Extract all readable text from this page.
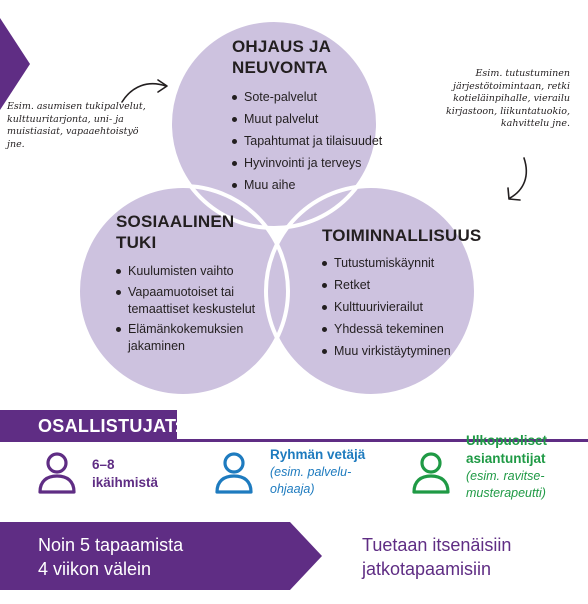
OHJAUS JA NEUVONTA
Sote-palvelut
Muut palvelut
Tapahtumat ja tilaisuudet
Hyvinvointi ja terveys
Muu aihe
SOSIAALINEN TUKI
Kuulumisten vaihto
Vapaamuotoiset tai temaattiset keskustelut
Elämänkokemuksien jakaminen
TOIMINNALLISUUS
Tutustumiskäynnit
Retket
Kulttuurivierailut
Yhdessä tekeminen
Muu virkistäytyminen
Esim. asumisen tukipalvelut, kulttuuritarjonta, uni- ja muistiasiat, vapaaehtoistyö jne.
Esim. tutustuminen järjestötoimintaan, retki kotieläinpihalle, vierailu kirjastoon, liikuntatuokio, kahvittelu jne.
OSALLISTUJAT:
6–8
ikäihmistä
Ryhmän vetäjä
(esim. palvelu-ohjaaja)
Ulkopuoliset asiantuntijat
(esim. ravitse-musterapeutti)
Noin 5 tapaamista
4 viikon välein
Tuetaan itsenäisiin
jatkotapaamisiin
